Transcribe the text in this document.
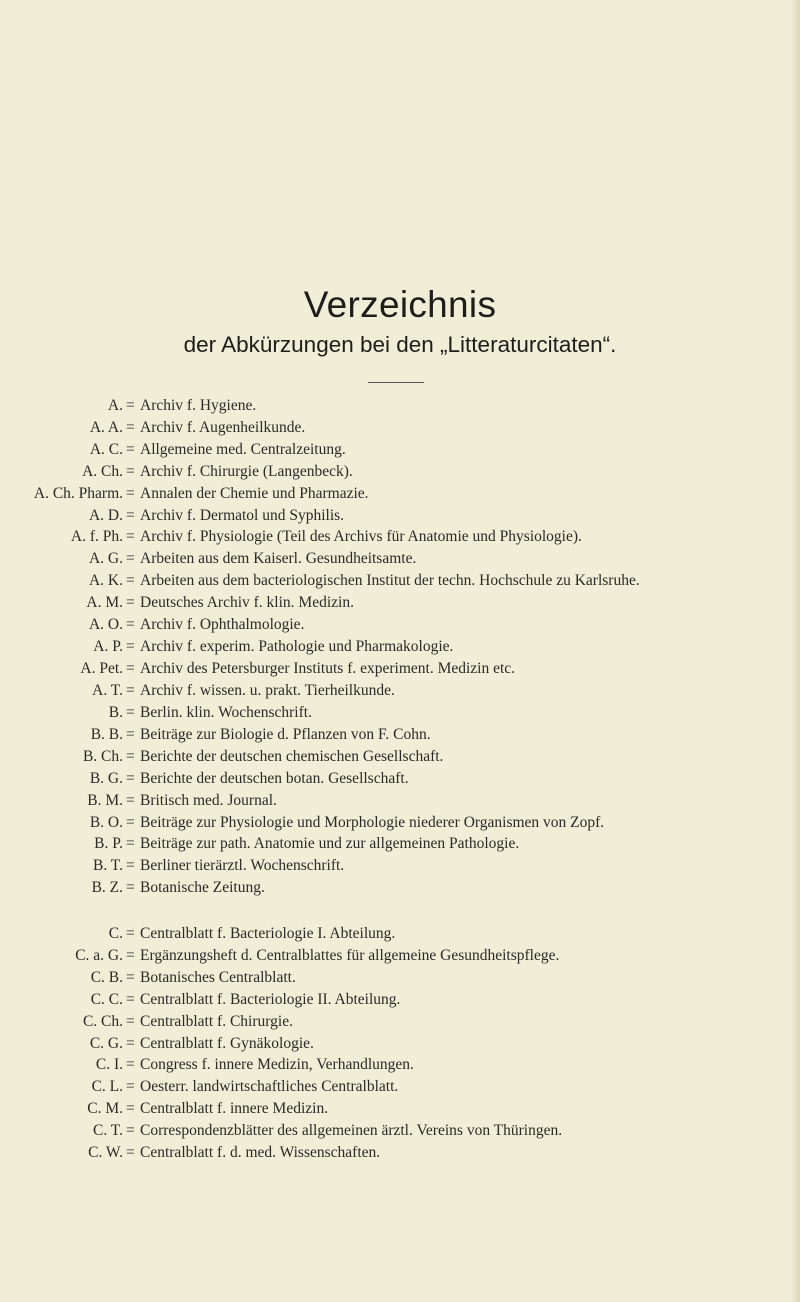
Verzeichnis
der Abkürzungen bei den „Litteraturcitaten“.
A. = Archiv f. Hygiene.
A. A. = Archiv f. Augenheilkunde.
A. C. = Allgemeine med. Centralzeitung.
A. Ch. = Archiv f. Chirurgie (Langenbeck).
A. Ch. Pharm. = Annalen der Chemie und Pharmazie.
A. D. = Archiv f. Dermatol und Syphilis.
A. f. Ph. = Archiv f. Physiologie (Teil des Archivs für Anatomie und Physiologie).
A. G. = Arbeiten aus dem Kaiserl. Gesundheitsamte.
A. K. = Arbeiten aus dem bacteriologischen Institut der techn. Hochschule zu Karlsruhe.
A. M. = Deutsches Archiv f. klin. Medizin.
A. O. = Archiv f. Ophthalmologie.
A. P. = Archiv f. experim. Pathologie und Pharmakologie.
A. Pet. = Archiv des Petersburger Instituts f. experiment. Medizin etc.
A. T. = Archiv f. wissen. u. prakt. Tierheilkunde.
B. = Berlin. klin. Wochenschrift.
B. B. = Beiträge zur Biologie d. Pflanzen von F. Cohn.
B. Ch. = Berichte der deutschen chemischen Gesellschaft.
B. G. = Berichte der deutschen botan. Gesellschaft.
B. M. = Britisch med. Journal.
B. O. = Beiträge zur Physiologie und Morphologie niederer Organismen von Zopf.
B. P. = Beiträge zur path. Anatomie und zur allgemeinen Pathologie.
B. T. = Berliner tierärztl. Wochenschrift.
B. Z. = Botanische Zeitung.
C. = Centralblatt f. Bacteriologie I. Abteilung.
C. a. G. = Ergänzungsheft d. Centralblattes für allgemeine Gesundheitspflege.
C. B. = Botanisches Centralblatt.
C. C. = Centralblatt f. Bacteriologie II. Abteilung.
C. Ch. = Centralblatt f. Chirurgie.
C. G. = Centralblatt f. Gynäkologie.
C. I. = Congress f. innere Medizin, Verhandlungen.
C. L. = Oesterr. landwirtschaftliches Centralblatt.
C. M. = Centralblatt f. innere Medizin.
C. T. = Correspondenzblätter des allgemeinen ärztl. Vereins von Thüringen.
C. W. = Centralblatt f. d. med. Wissenschaften.
